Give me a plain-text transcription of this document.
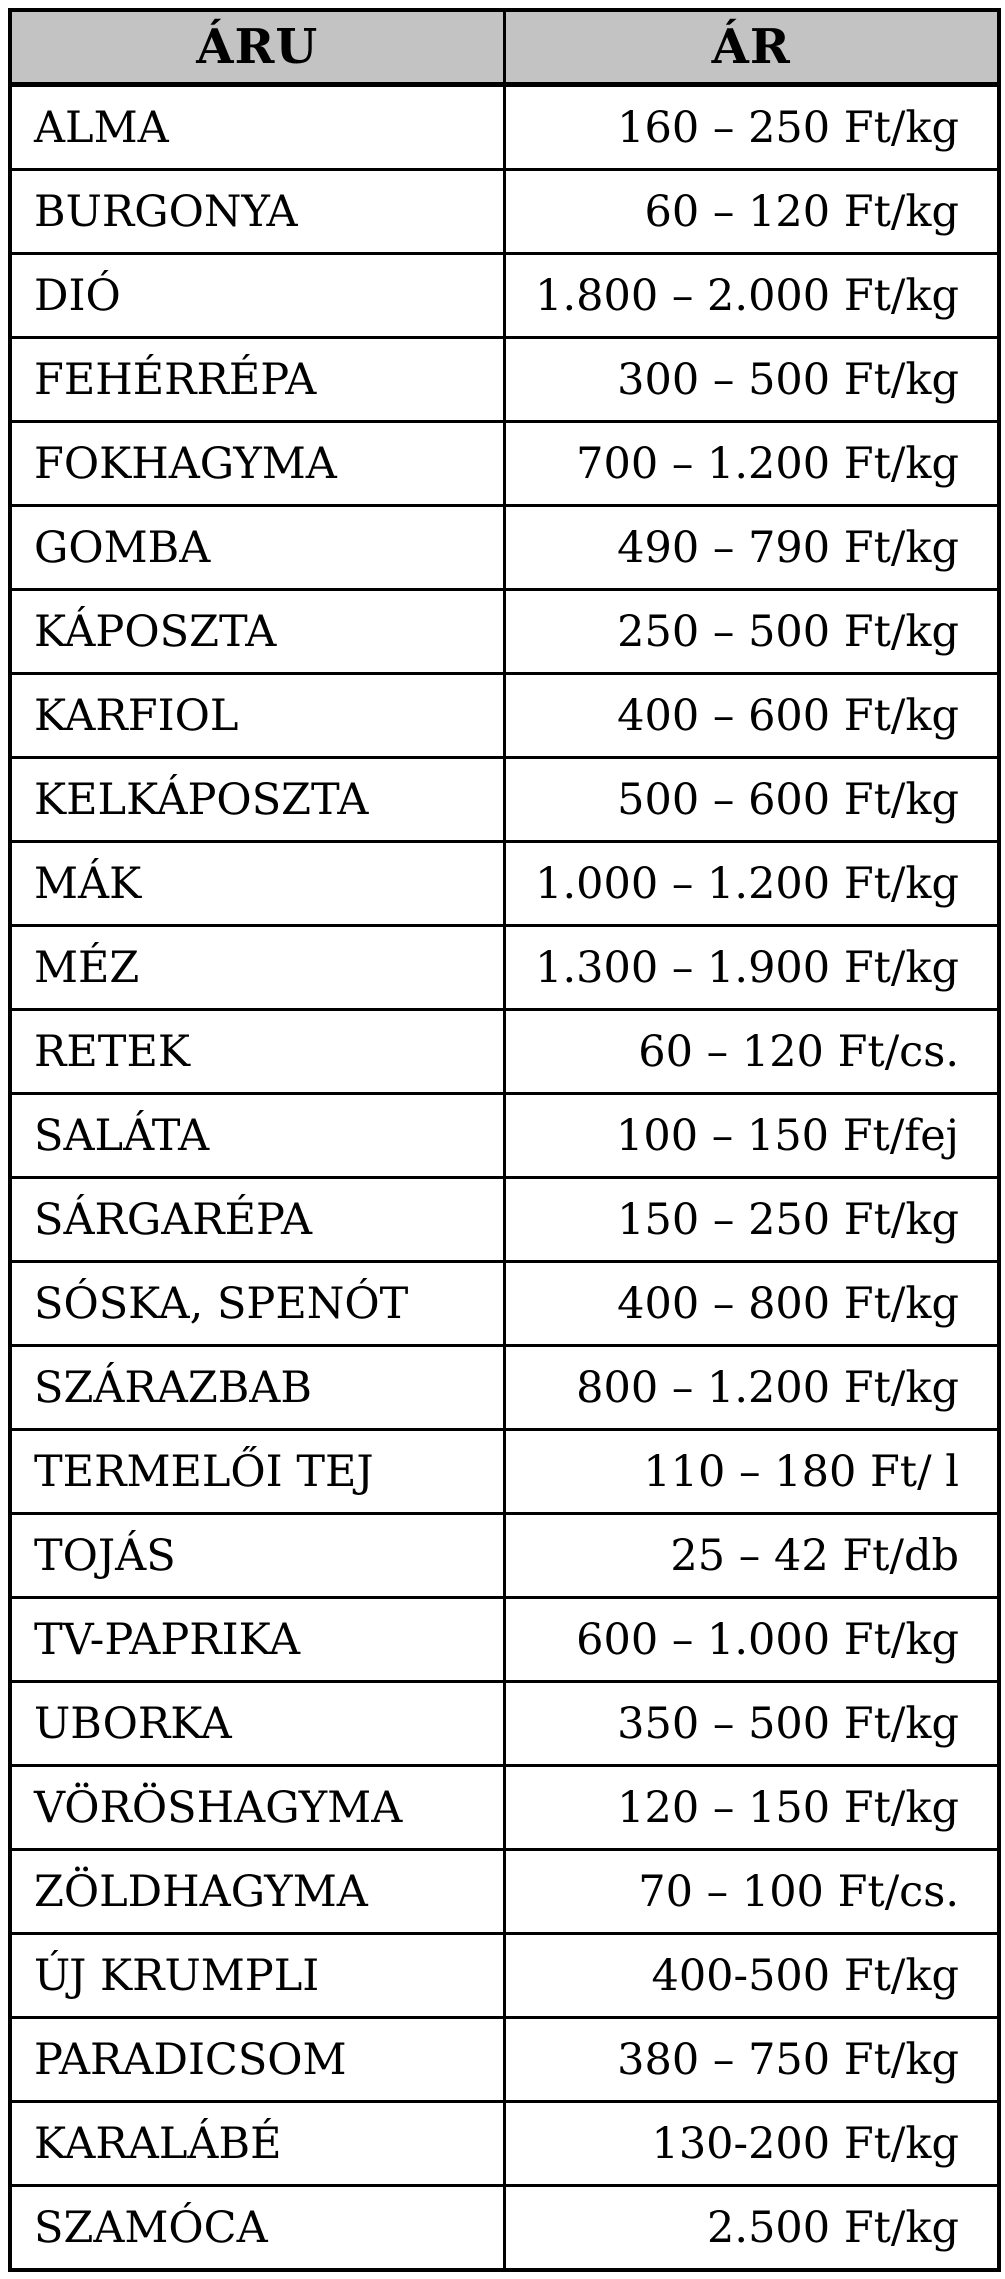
ÁRU	ÁR
ALMA	160 – 250 Ft/kg
BURGONYA	60 – 120 Ft/kg
DIÓ	1.800 – 2.000 Ft/kg
FEHÉRRÉPA	300 – 500 Ft/kg
FOKHAGYMA	700 – 1.200 Ft/kg
GOMBA	490 – 790 Ft/kg
KÁPOSZTA	250 – 500 Ft/kg
KARFIOL	400 – 600 Ft/kg
KELKÁPOSZTA	500 – 600 Ft/kg
MÁK	1.000 – 1.200 Ft/kg
MÉZ	1.300 – 1.900 Ft/kg
RETEK	60 – 120 Ft/cs.
SALÁTA	100 – 150 Ft/fej
SÁRGARÉPA	150 – 250 Ft/kg
SÓSKA, SPENÓT	400 – 800 Ft/kg
SZÁRAZBAB	800 – 1.200 Ft/kg
TERMELŐI TEJ	110 – 180 Ft/ l
TOJÁS	25 – 42 Ft/db
TV-PAPRIKA	600 – 1.000 Ft/kg
UBORKA	350 – 500 Ft/kg
VÖRÖSHAGYMA	120 – 150 Ft/kg
ZÖLDHAGYMA	70 – 100 Ft/cs.
ÚJ KRUMPLI	400-500 Ft/kg
PARADICSOM	380 – 750 Ft/kg
KARALÁBÉ	130-200 Ft/kg
SZAMÓCA	2.500 Ft/kg
